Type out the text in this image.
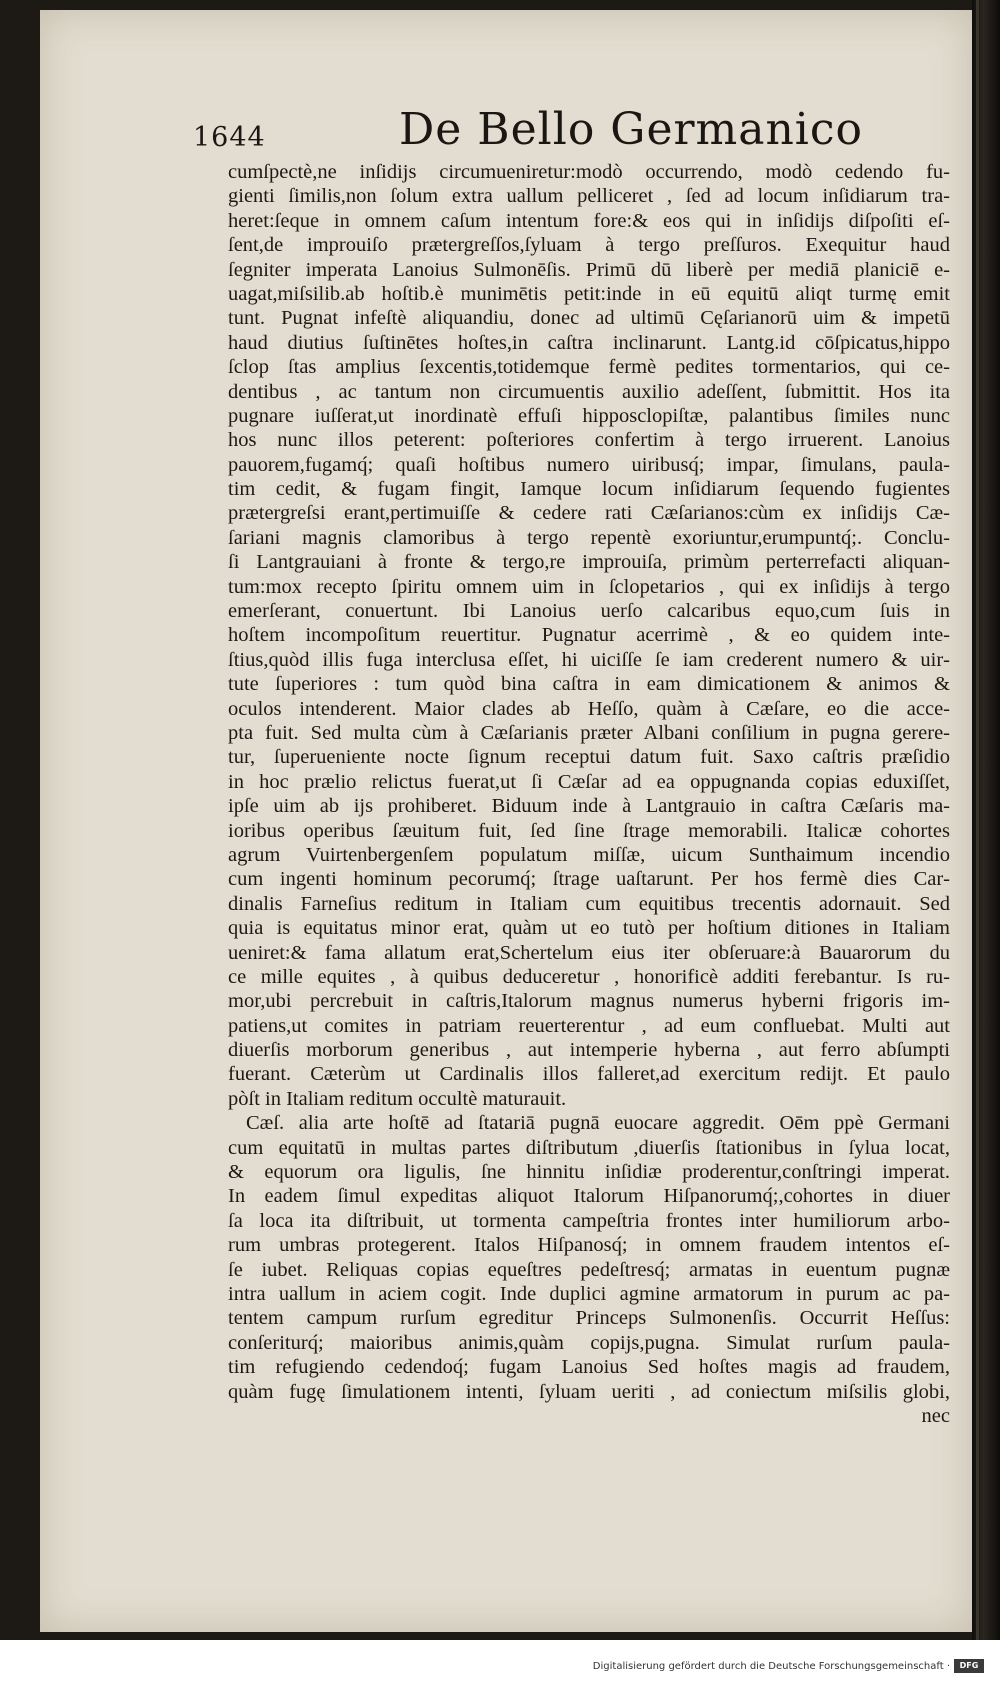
1644	De Bello Germanico
cumſpectè,ne inſidijs circumueniretur:modò occurrendo, modò cedendo fu‑
gienti ſimilis,non ſolum extra uallum pelliceret , ſed ad locum inſidiarum tra‑
heret:ſeque in omnem caſum intentum fore:& eos qui in inſidijs diſpoſiti eſ‑
ſent,de improuiſo prætergreſſos,ſyluam à tergo preſſuros. Exequitur haud
ſegniter imperata Lanoius Sulmonēſis. Primū dū liberè per mediā planiciē e‑
uagat,miſsilib.ab hoſtib.è munimētis petit:inde in eū equitū aliqt turmę emit
tunt. Pugnat infeſtè aliquandiu, donec ad ultimū Cęſarianorū uim & impetū
haud diutius ſuſtinētes hoſtes,in caſtra inclinarunt. Lantg.id cōſpicatus,hippo
ſclop ſtas amplius ſexcentis,totidemque fermè pedites tormentarios, qui ce‑
dentibus , ac tantum non circumuentis auxilio adeſſent, ſubmittit. Hos ita
pugnare iuſſerat,ut inordinatè effuſi hipposclopiſtæ, palantibus ſimiles nunc
hos nunc illos peterent: poſteriores confertim à tergo irruerent. Lanoius
pauorem,fugamq́; quaſi hoſtibus numero uiribusq́; impar, ſimulans, paula‑
tim cedit, & fugam fingit, Iamque locum inſidiarum ſequendo fugientes
prætergreſsi erant,pertimuiſſe & cedere rati Cæſarianos:cùm ex inſidijs Cæ‑
ſariani magnis clamoribus à tergo repentè exoriuntur,erumpuntq́;. Conclu‑
ſi Lantgrauiani à fronte & tergo,re improuiſa, primùm perterrefacti aliquan‑
tum:mox recepto ſpiritu omnem uim in ſclopetarios , qui ex inſidijs à tergo
emerſerant, conuertunt. Ibi Lanoius uerſo calcaribus equo,cum ſuis in
hoſtem incompoſitum reuertitur. Pugnatur acerrimè , & eo quidem inte‑
ſtius,quòd illis fuga interclusa eſſet, hi uiciſſe ſe iam crederent numero & uir‑
tute ſuperiores : tum quòd bina caſtra in eam dimicationem & animos &
oculos intenderent. Maior clades ab Heſſo, quàm à Cæſare, eo die acce‑
pta fuit. Sed multa cùm à Cæſarianis præter Albani conſilium in pugna gerere‑
tur, ſuperueniente nocte ſignum receptui datum fuit. Saxo caſtris præſidio
in hoc prælio relictus fuerat,ut ſi Cæſar ad ea oppugnanda copias eduxiſſet,
ipſe uim ab ijs prohiberet. Biduum inde à Lantgrauio in caſtra Cæſaris ma‑
ioribus operibus ſæuitum fuit, ſed ſine ſtrage memorabili. Italicæ cohortes
agrum Vuirtenbergenſem populatum miſſæ, uicum Sunthaimum incendio
cum ingenti hominum pecorumq́; ſtrage uaſtarunt. Per hos fermè dies Car‑
dinalis Farneſius reditum in Italiam cum equitibus trecentis adornauit. Sed
quia is equitatus minor erat, quàm ut eo tutò per hoſtium ditiones in Italiam
ueniret:& fama allatum erat,Schertelum eius iter obſeruare:à Bauarorum du
ce mille equites , à quibus deduceretur , honorificè additi ferebantur. Is ru‑
mor,ubi percrebuit in caſtris,Italorum magnus numerus hyberni frigoris im‑
patiens,ut comites in patriam reuerterentur , ad eum confluebat. Multi aut
diuerſis morborum generibus , aut intemperie hyberna , aut ferro abſumpti
fuerant. Cæterùm ut Cardinalis illos falleret,ad exercitum redijt. Et paulo
pòſt in Italiam reditum occultè maturauit.
Cæſ. alia arte hoſtē ad ſtatariā pugnā euocare aggredit. Oēm ppè Germani
cum equitatū in multas partes diſtributum ,diuerſis ſtationibus in ſylua locat,
& equorum ora ligulis, ſne hinnitu inſidiæ proderentur,conſtringi imperat.
In eadem ſimul expeditas aliquot Italorum Hiſpanorumq́;,cohortes in diuer
ſa loca ita diſtribuit, ut tormenta campeſtria frontes inter humiliorum arbo‑
rum umbras protegerent. Italos Hiſpanosq́; in omnem fraudem intentos eſ‑
ſe iubet. Reliquas copias equeſtres pedeſtresq́; armatas in euentum pugnæ
intra uallum in aciem cogit. Inde duplici agmine armatorum in purum ac pa‑
tentem campum rurſum egreditur Princeps Sulmonenſis. Occurrit Heſſus:
conſeriturq́; maioribus animis,quàm copijs,pugna. Simulat rurſum paula‑
tim refugiendo cedendoq́; fugam Lanoius Sed hoſtes magis ad fraudem,
quàm fugę ſimulationem intenti, ſyluam ueriti , ad coniectum miſsilis globi,
nec
Digitalisierung gefördert durch die Deutsche Forschungsgemeinschaft ·	DFG
